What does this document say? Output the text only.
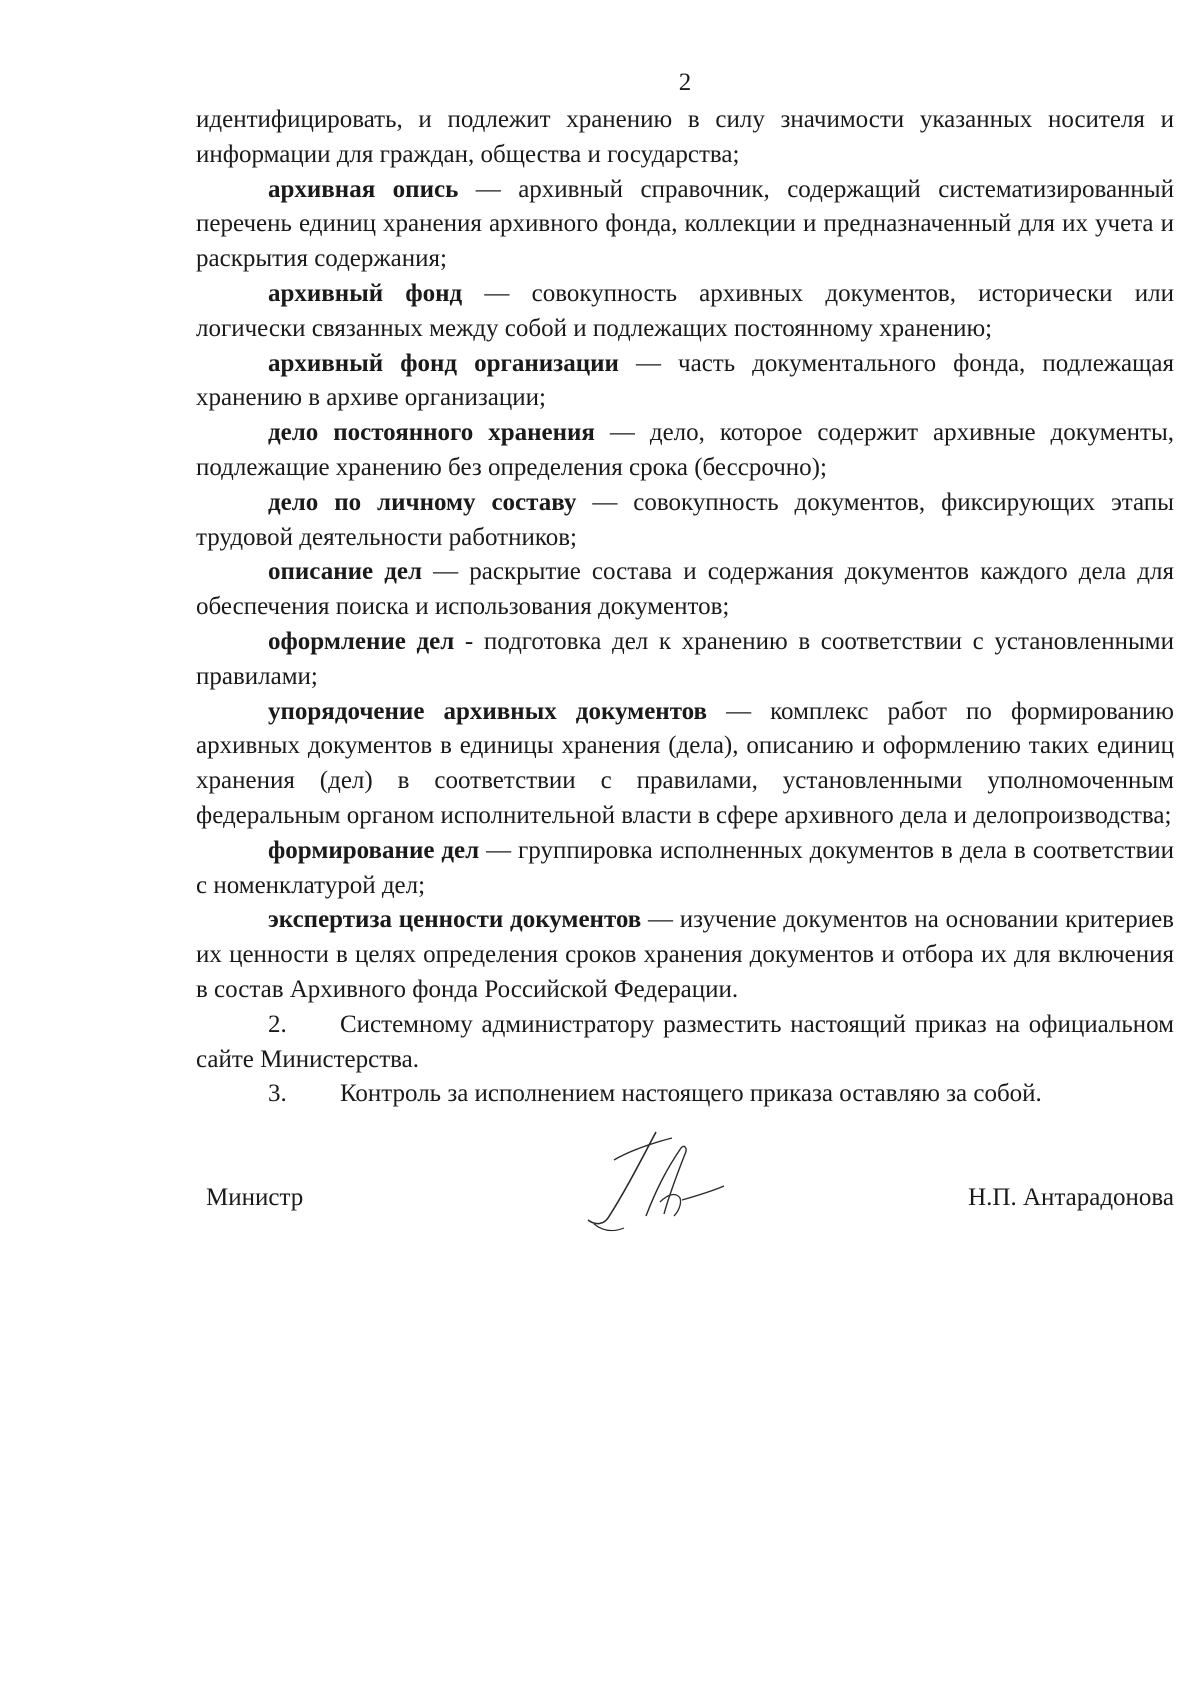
2

идентифицировать, и подлежит хранению в силу значимости указанных носителя и информации для граждан, общества и государства;

архивная опись — архивный справочник, содержащий систематизированный перечень единиц хранения архивного фонда, коллекции и предназначенный для их учета и раскрытия содержания;

архивный фонд — совокупность архивных документов, исторически или логически связанных между собой и подлежащих постоянному хранению;

архивный фонд организации — часть документального фонда, подлежащая хранению в архиве организации;

дело постоянного хранения — дело, которое содержит архивные документы, подлежащие хранению без определения срока (бессрочно);

дело по личному составу — совокупность документов, фиксирующих этапы трудовой деятельности работников;

описание дел — раскрытие состава и содержания документов каждого дела для обеспечения поиска и использования документов;

оформление дел - подготовка дел к хранению в соответствии с установленными правилами;

упорядочение архивных документов — комплекс работ по формированию архивных документов в единицы хранения (дела), описанию и оформлению таких единиц хранения (дел) в соответствии с правилами, установленными уполномоченным федеральным органом исполнительной власти в сфере архивного дела и делопроизводства;

формирование дел — группировка исполненных документов в дела в соответствии с номенклатурой дел;

экспертиза ценности документов — изучение документов на основании критериев их ценности в целях определения сроков хранения документов и отбора их для включения в состав Архивного фонда Российской Федерации.

2. Системному администратору разместить настоящий приказ на официальном сайте Министерства.

3. Контроль за исполнением настоящего приказа оставляю за собой.

Министр	Н.П. Антарадонова
